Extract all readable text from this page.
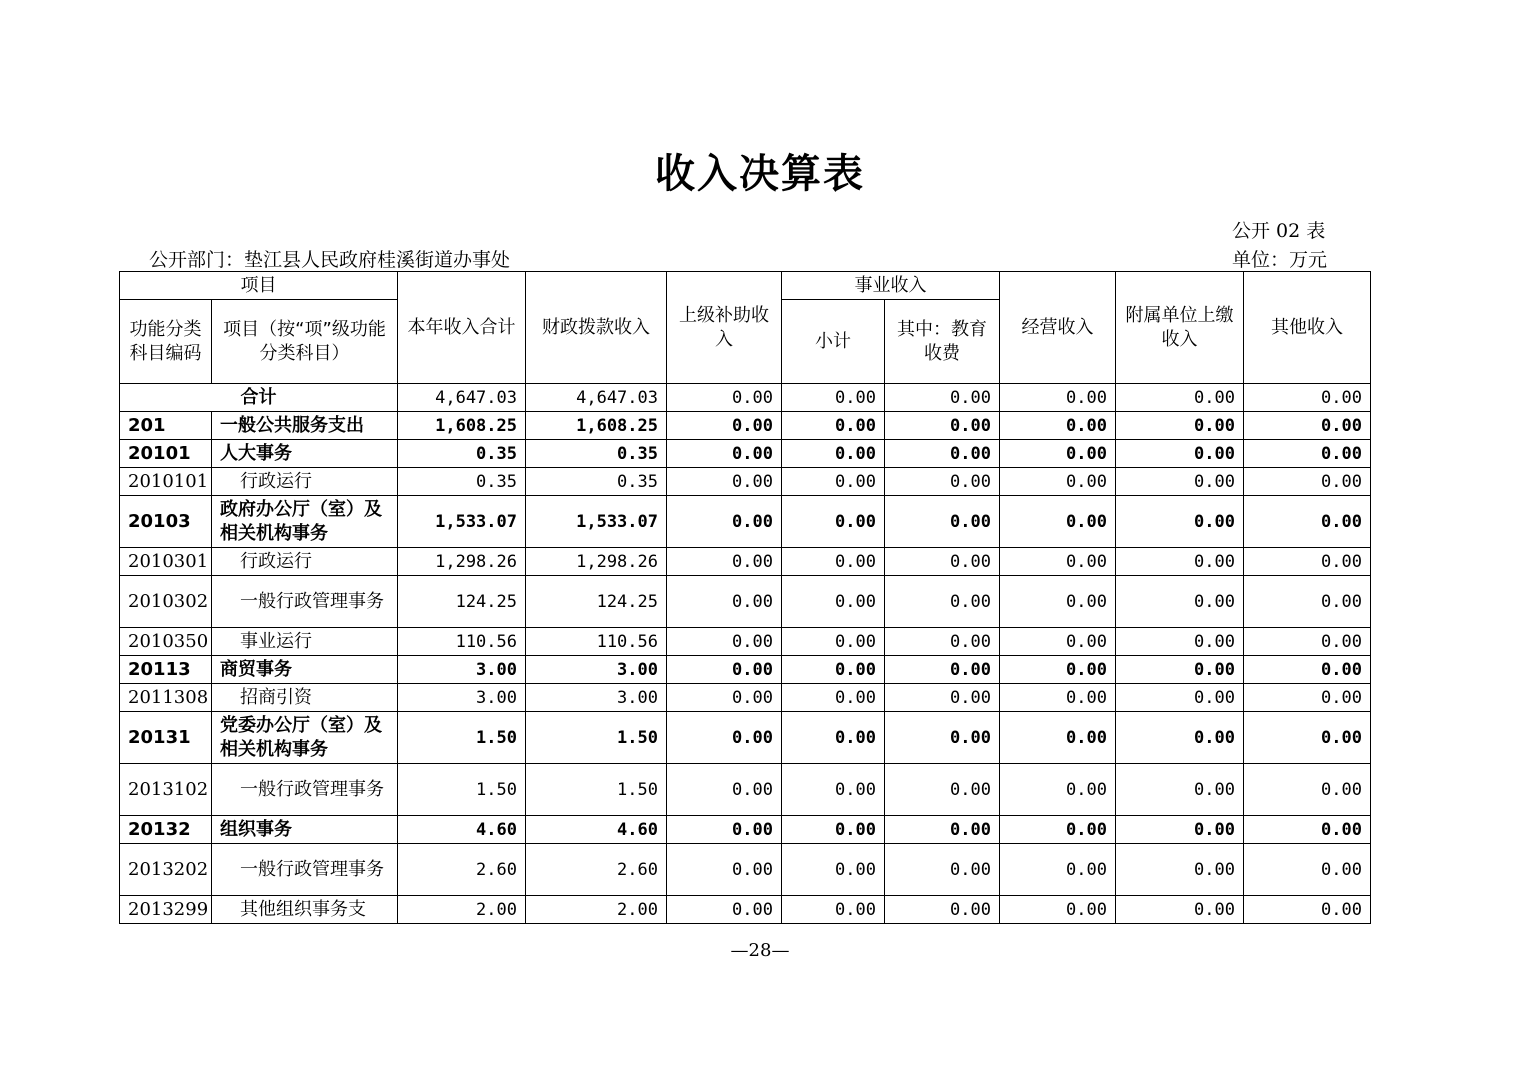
收入决算表
公开 02 表
公开部门：垫江县人民政府桂溪街道办事处	单位：万元
项目		本年收入合计	财政拨款收入	上级补助收入	事业收入		经营收入	附属单位上缴收入	其他收入
功能分类科目编码	项目（按“项”级功能分类科目）				小计	其中：教育收费			
合计		4,647.03	4,647.03	0.00	0.00	0.00	0.00	0.00	0.00
201	一般公共服务支出	1,608.25	1,608.25	0.00	0.00	0.00	0.00	0.00	0.00
20101	人大事务	0.35	0.35	0.00	0.00	0.00	0.00	0.00	0.00
2010101	行政运行	0.35	0.35	0.00	0.00	0.00	0.00	0.00	0.00
20103	政府办公厅（室）及相关机构事务	1,533.07	1,533.07	0.00	0.00	0.00	0.00	0.00	0.00
2010301	行政运行	1,298.26	1,298.26	0.00	0.00	0.00	0.00	0.00	0.00
2010302	一般行政管理事务	124.25	124.25	0.00	0.00	0.00	0.00	0.00	0.00
2010350	事业运行	110.56	110.56	0.00	0.00	0.00	0.00	0.00	0.00
20113	商贸事务	3.00	3.00	0.00	0.00	0.00	0.00	0.00	0.00
2011308	招商引资	3.00	3.00	0.00	0.00	0.00	0.00	0.00	0.00
20131	党委办公厅（室）及相关机构事务	1.50	1.50	0.00	0.00	0.00	0.00	0.00	0.00
2013102	一般行政管理事务	1.50	1.50	0.00	0.00	0.00	0.00	0.00	0.00
20132	组织事务	4.60	4.60	0.00	0.00	0.00	0.00	0.00	0.00
2013202	一般行政管理事务	2.60	2.60	0.00	0.00	0.00	0.00	0.00	0.00
2013299	其他组织事务支	2.00	2.00	0.00	0.00	0.00	0.00	0.00	0.00
—28—
